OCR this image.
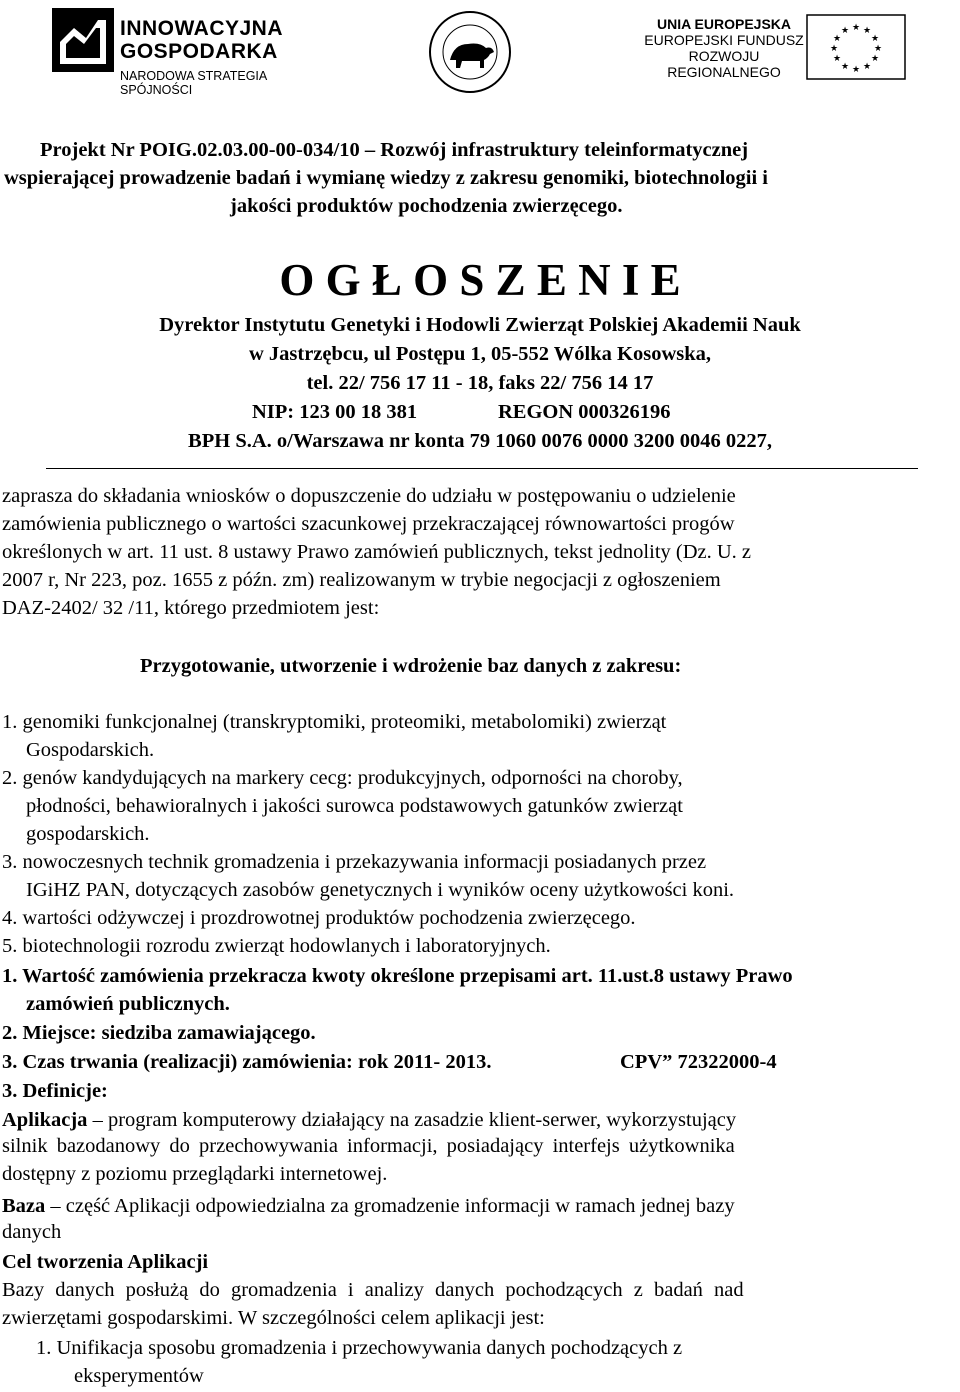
INNOWACYJNA
GOSPODARKA
NARODOWA STRATEGIA SPÓJNOŚCI
UNIA EUROPEJSKA
EUROPEJSKI FUNDUSZ
ROZWOJU REGIONALNEGO
★ ★
★
★
★
★
★
★
★
★
★
★
Projekt Nr POIG.02.03.00-00-034/10 – Rozwój infrastruktury teleinformatycznej
wspierającej prowadzenie badań i wymianę wiedzy z zakresu genomiki, biotechnologii i
jakości produktów pochodzenia zwierzęcego.
O G Ł O S Z E N I E
Dyrektor Instytutu Genetyki i Hodowli Zwierząt Polskiej Akademii Nauk
w Jastrzębcu, ul Postępu 1, 05-552 Wólka Kosowska,
tel. 22/ 756 17 11 - 18, faks 22/ 756 14 17
NIP: 123 00 18 381	REGON 000326196
BPH S.A. o/Warszawa nr konta 79 1060 0076 0000 3200 0046 0227,
zaprasza do składania wniosków o dopuszczenie do udziału w postępowaniu o udzielenie
zamówienia publicznego o wartości szacunkowej przekraczającej równowartości progów
określonych w art. 11 ust. 8 ustawy Prawo zamówień publicznych, tekst jednolity (Dz. U. z
2007 r, Nr 223, poz. 1655 z późn. zm) realizowanym w trybie negocjacji z ogłoszeniem
DAZ-2402/ 32 /11, którego przedmiotem jest:
Przygotowanie, utworzenie i wdrożenie baz danych z zakresu:
1. genomiki funkcjonalnej (transkryptomiki, proteomiki, metabolomiki) zwierząt
Gospodarskich.
2. genów kandydujących na markery cecg: produkcyjnych, odporności na choroby,
płodności, behawioralnych i jakości surowca podstawowych gatunków zwierząt
gospodarskich.
3. nowoczesnych technik gromadzenia i przekazywania informacji posiadanych przez
IGiHZ PAN, dotyczących zasobów genetycznych i wyników oceny użytkowości koni.
4. wartości odżywczej i prozdrowotnej produktów pochodzenia zwierzęcego.
5. biotechnologii rozrodu zwierząt hodowlanych i laboratoryjnych.
1. Wartość zamówienia przekracza kwoty określone przepisami art. 11.ust.8 ustawy Prawo
zamówień publicznych.
2. Miejsce: siedziba zamawiającego.
3. Czas trwania (realizacji) zamówienia: rok 2011- 2013.	CPV” 72322000-4
3. Definicje:
Aplikacja – program komputerowy działający na zasadzie klient-serwer, wykorzystujący
silnik bazodanowy do przechowywania informacji, posiadający interfejs użytkownika
dostępny z poziomu przeglądarki internetowej.
Baza – część Aplikacji odpowiedzialna za gromadzenie informacji w ramach jednej bazy
danych
Cel tworzenia Aplikacji
Bazy danych posłużą do gromadzenia i analizy danych pochodzących z badań nad
zwierzętami gospodarskimi. W szczególności celem aplikacji jest:
1. Unifikacja sposobu gromadzenia i przechowywania danych pochodzących z
eksperymentów
